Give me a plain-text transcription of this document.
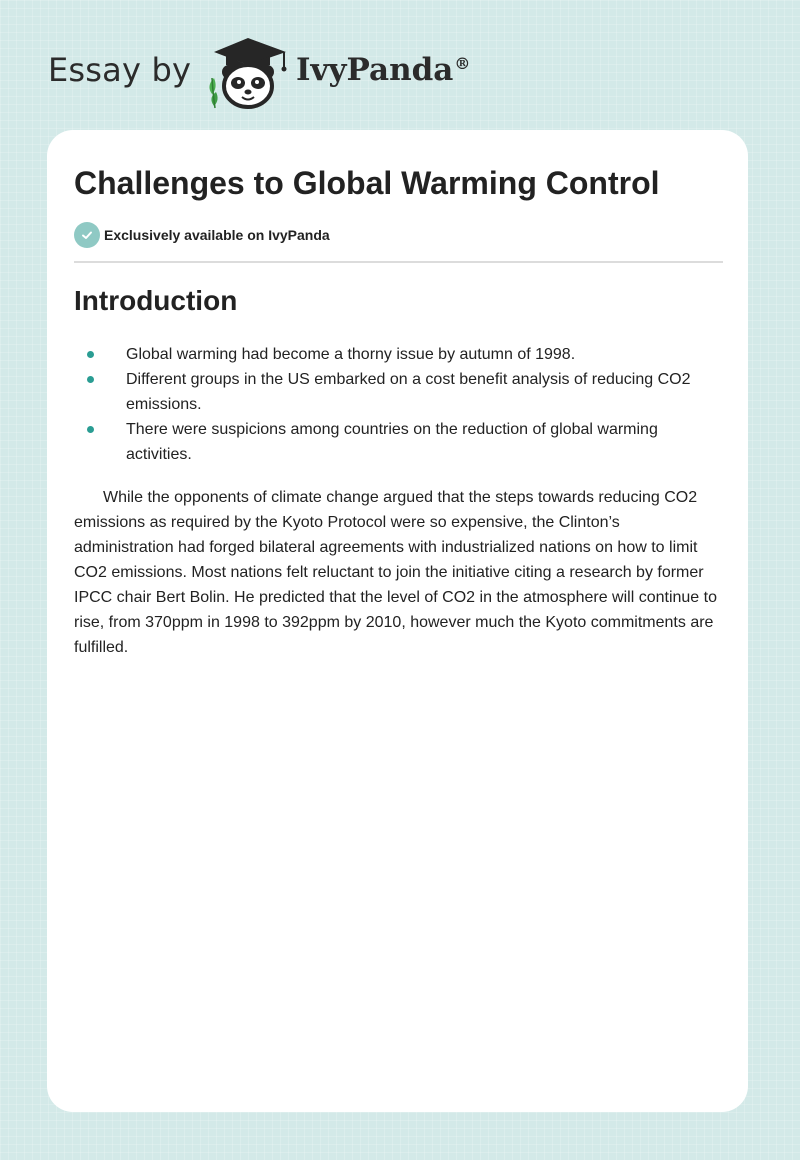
Essay by	IvyPanda®
Challenges to Global Warming Control
Exclusively available on IvyPanda
Introduction
Global warming had become a thorny issue by autumn of 1998.
Different groups in the US embarked on a cost benefit analysis of reducing CO2 emissions.
There were suspicions among countries on the reduction of global warming activities.

While the opponents of climate change argued that the steps towards reducing CO2 emissions as required by the Kyoto Protocol were so expensive, the Clinton’s administration had forged bilateral agreements with industrialized nations on how to limit CO2 emissions. Most nations felt reluctant to join the initiative citing a research by former IPCC chair Bert Bolin. He predicted that the level of CO2 in the atmosphere will continue to rise, from 370ppm in 1998 to 392ppm by 2010, however much the Kyoto commitments are fulfilled.
